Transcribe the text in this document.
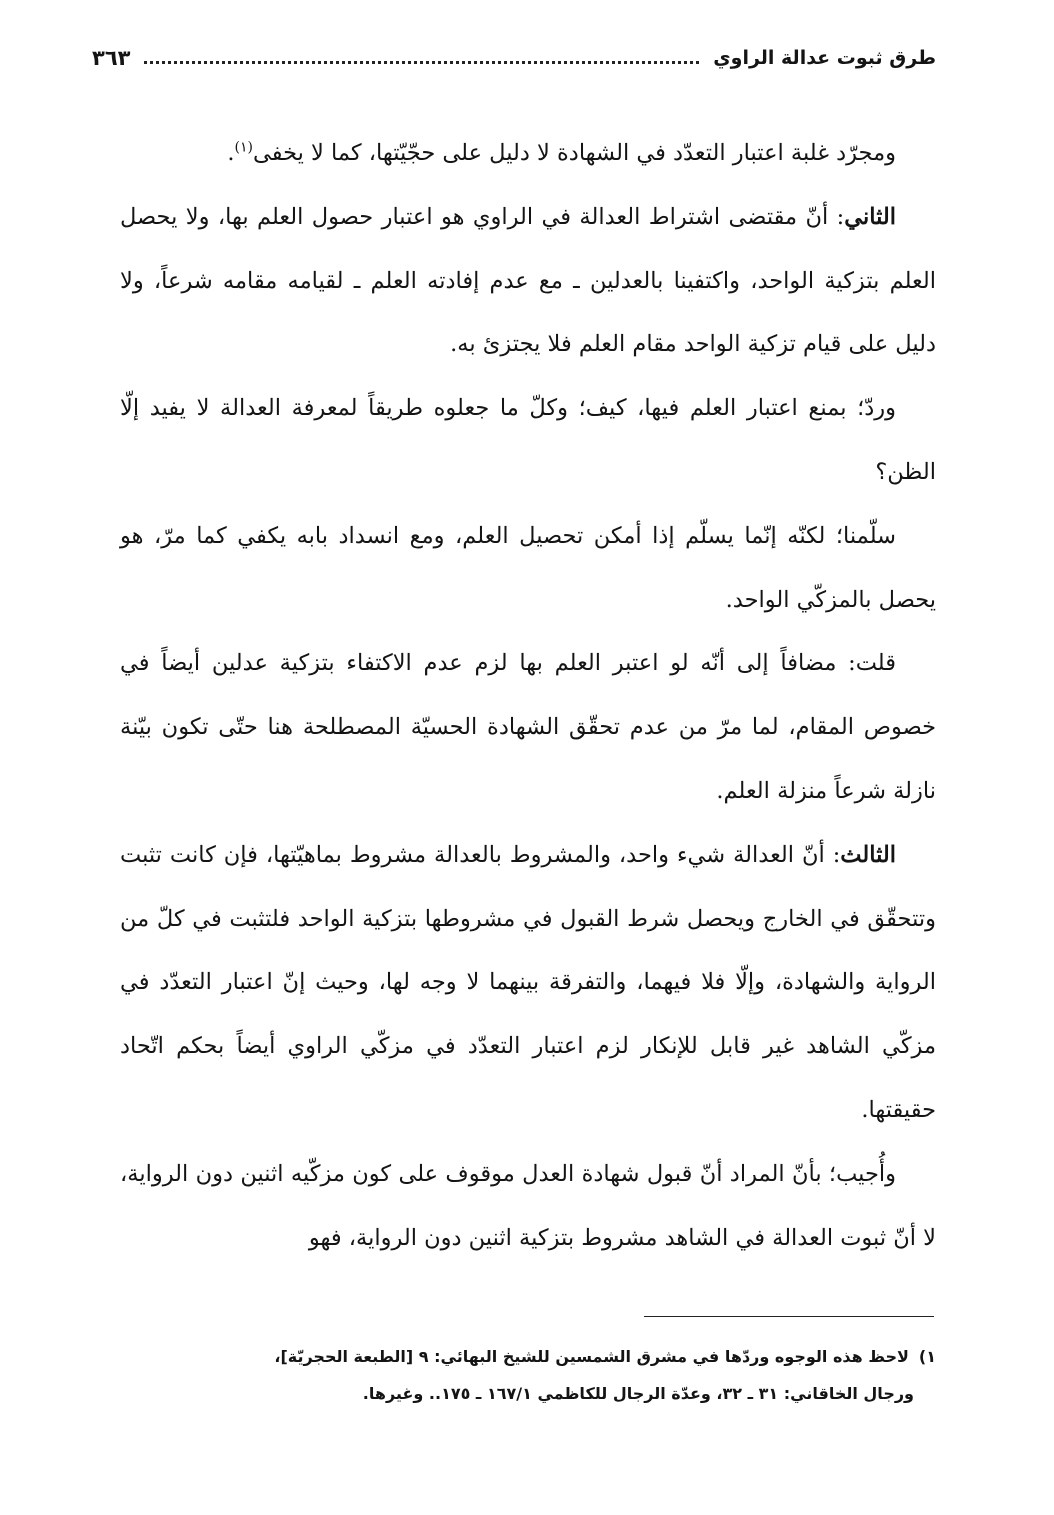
طرق ثبوت عدالة الراوي
٣٦٣

ومجرّد غلبة اعتبار التعدّد في الشهادة لا دليل على حجّيّتها، كما لا يخفى$^{(١)}$.

الثاني: أنّ مقتضى اشتراط العدالة في الراوي هو اعتبار حصول العلم بها، ولا يحصل العلم بتزكية الواحد، واكتفينا بالعدلين ـ مع عدم إفادته العلم ـ لقيامه مقامه شرعاً، ولا دليل على قيام تزكية الواحد مقام العلم فلا يجتزئ به.

وردّ؛ بمنع اعتبار العلم فيها، كيف؛ وكلّ ما جعلوه طريقاً لمعرفة العدالة لا يفيد إلّا الظن؟

سلّمنا؛ لكنّه إنّما يسلّم إذا أمكن تحصيل العلم، ومع انسداد بابه يكفي كما مرّ، هو يحصل بالمزكّي الواحد.

قلت: مضافاً إلى أنّه لو اعتبر العلم بها لزم عدم الاكتفاء بتزكية عدلين أيضاً في خصوص المقام، لما مرّ من عدم تحقّق الشهادة الحسيّة المصطلحة هنا حتّى تكون بيّنة نازلة شرعاً منزلة العلم.

الثالث: أنّ العدالة شيء واحد، والمشروط بالعدالة مشروط بماهيّتها، فإن كانت تثبت وتتحقّق في الخارج ويحصل شرط القبول في مشروطها بتزكية الواحد فلتثبت في كلّ من الرواية والشهادة، وإلّا فلا فيهما، والتفرقة بينهما لا وجه لها، وحيث إنّ اعتبار التعدّد في مزكّي الشاهد غير قابل للإنكار لزم اعتبار التعدّد في مزكّي الراوي أيضاً بحكم اتّحاد حقيقتها.

وأُجيب؛ بأنّ المراد أنّ قبول شهادة العدل موقوف على كون مزكّيه اثنين دون الرواية، لا أنّ ثبوت العدالة في الشاهد مشروط بتزكية اثنين دون الرواية، فهو

١)لاحظ هذه الوجوه وردّها في مشرق الشمسين للشيخ البهائي: ٩ [الطبعة الحجريّة]،
ورجال الخاقاني: ٣١ ـ ٣٢، وعدّة الرجال للكاظمي ١٦٧/١ ـ ١٧٥.. وغيرها.
